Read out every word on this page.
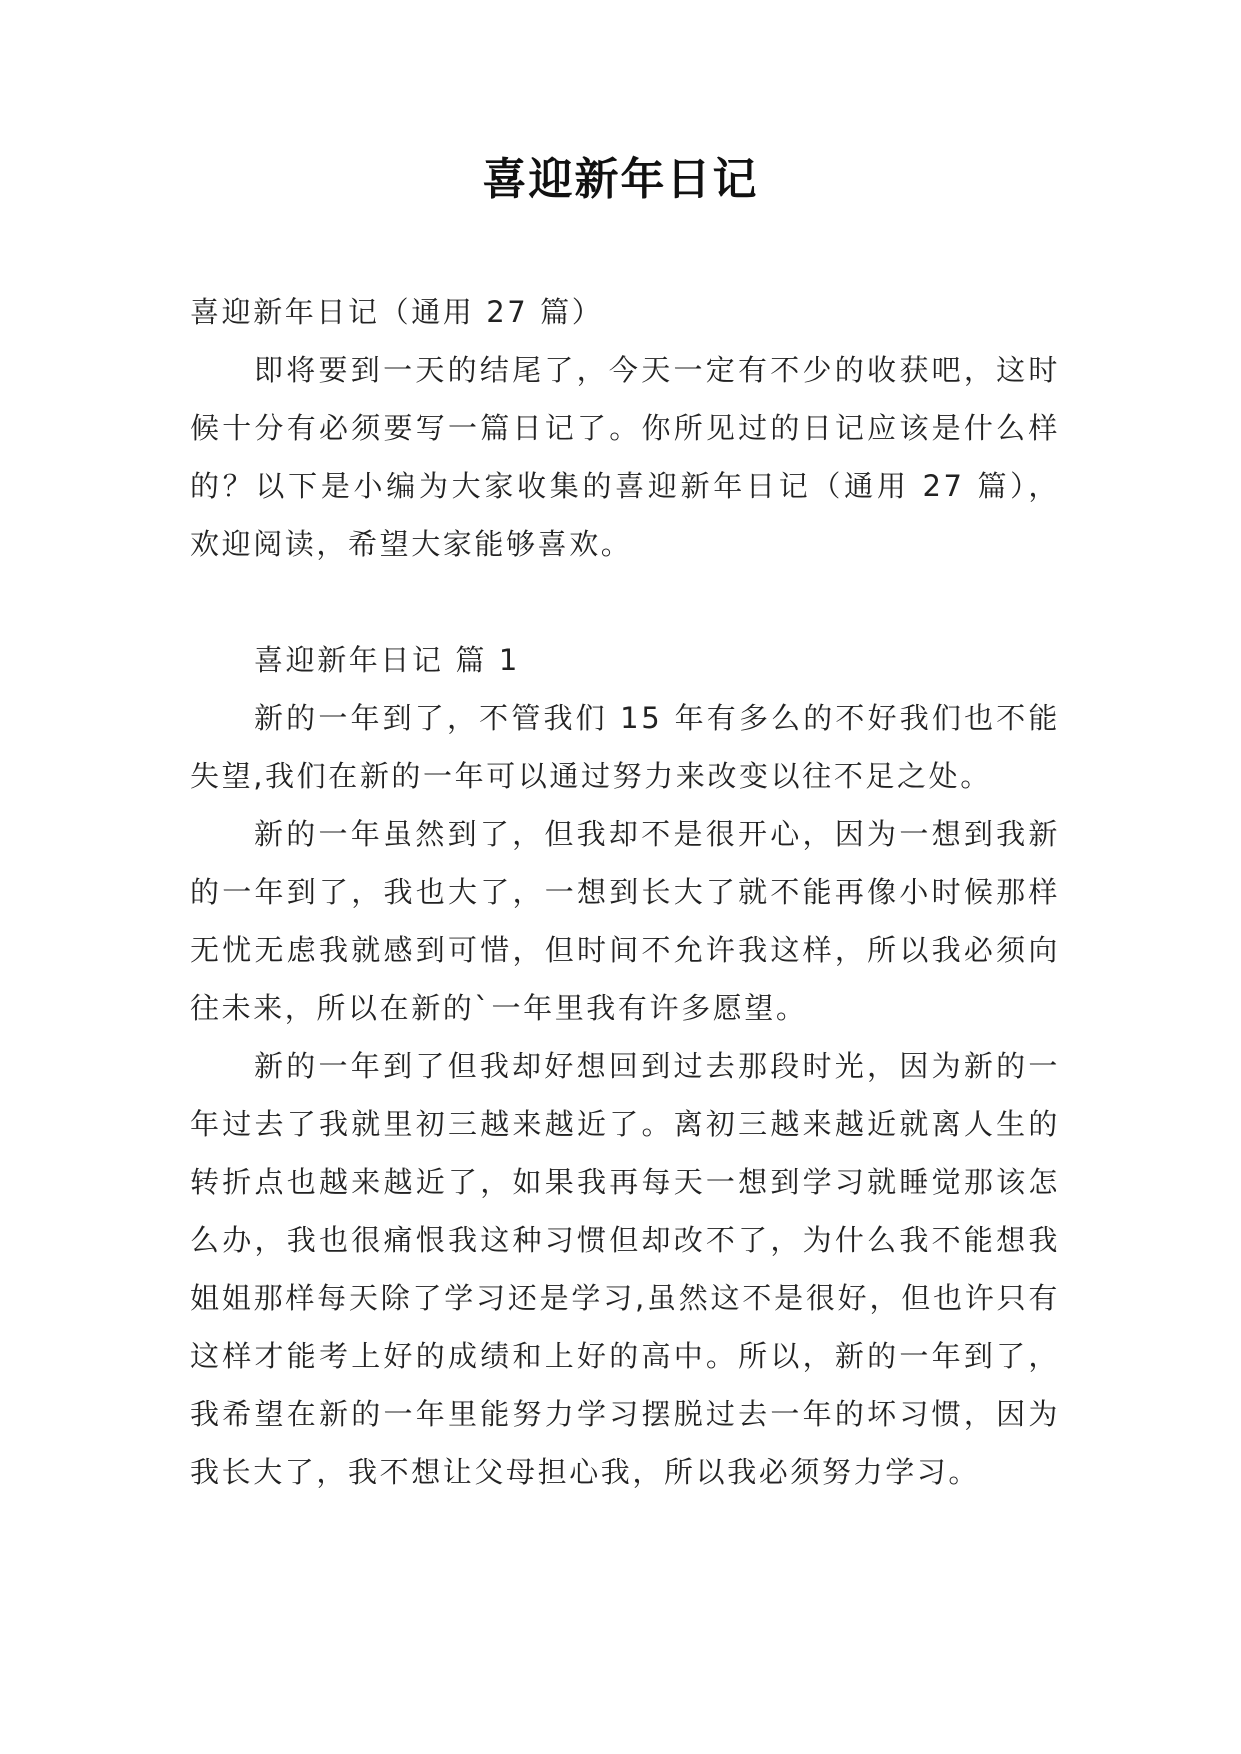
喜迎新年日记

喜迎新年日记（通用 27 篇）

即将要到一天的结尾了，今天一定有不少的收获吧，这时候十分有必须要写一篇日记了。你所见过的日记应该是什么样的？以下是小编为大家收集的喜迎新年日记（通用 27 篇），欢迎阅读，希望大家能够喜欢。

喜迎新年日记 篇 1

新的一年到了，不管我们 15 年有多么的不好我们也不能失望,我们在新的一年可以通过努力来改变以往不足之处。

新的一年虽然到了，但我却不是很开心，因为一想到我新的一年到了，我也大了，一想到长大了就不能再像小时候那样无忧无虑我就感到可惜，但时间不允许我这样，所以我必须向往未来，所以在新的`一年里我有许多愿望。

新的一年到了但我却好想回到过去那段时光，因为新的一年过去了我就里初三越来越近了。离初三越来越近就离人生的转折点也越来越近了，如果我再每天一想到学习就睡觉那该怎么办，我也很痛恨我这种习惯但却改不了，为什么我不能想我姐姐那样每天除了学习还是学习,虽然这不是很好，但也许只有这样才能考上好的成绩和上好的高中。所以，新的一年到了，我希望在新的一年里能努力学习摆脱过去一年的坏习惯，因为我长大了，我不想让父母担心我，所以我必须努力学习。
